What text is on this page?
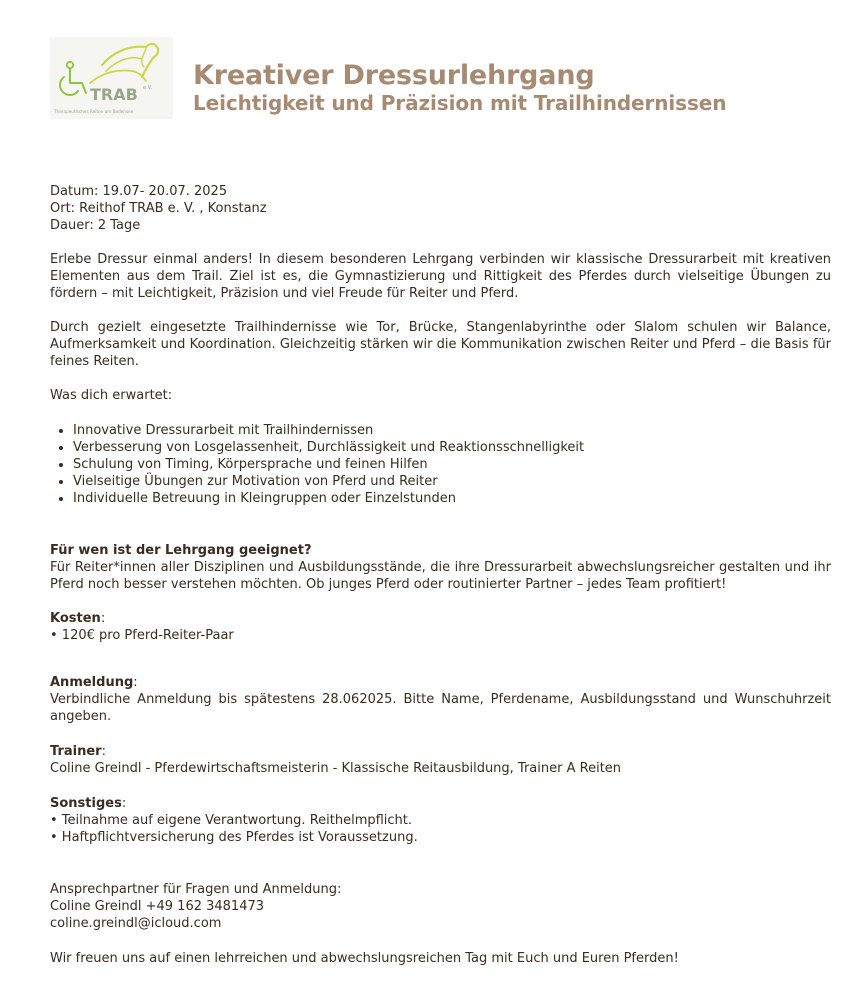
TRAB e.V.
Therapeutisches Reiten am Bodensee
Kreativer Dressurlehrgang
Leichtigkeit und Präzision mit Trailhindernissen

Datum: 19.07- 20.07. 2025
Ort: Reithof TRAB e. V. , Konstanz
Dauer: 2 Tage

Erlebe Dressur einmal anders! In diesem besonderen Lehrgang verbinden wir klassische Dressurarbeit mit kreativen Elementen aus dem Trail. Ziel ist es, die Gymnastizierung und Rittigkeit des Pferdes durch vielseitige Übungen zu fördern – mit Leichtigkeit, Präzision und viel Freude für Reiter und Pferd.

Durch gezielt eingesetzte Trailhindernisse wie Tor, Brücke, Stangenlabyrinthe oder Slalom schulen wir Balance, Aufmerksamkeit und Koordination. Gleichzeitig stärken wir die Kommunikation zwischen Reiter und Pferd – die Basis für feines Reiten.

Was dich erwartet:

• Innovative Dressurarbeit mit Trailhindernissen
• Verbesserung von Losgelassenheit, Durchlässigkeit und Reaktionsschnelligkeit
• Schulung von Timing, Körpersprache und feinen Hilfen
• Vielseitige Übungen zur Motivation von Pferd und Reiter
• Individuelle Betreuung in Kleingruppen oder Einzelstunden

Für wen ist der Lehrgang geeignet?
Für Reiter*innen aller Disziplinen und Ausbildungsstände, die ihre Dressurarbeit abwechslungsreicher gestalten und ihr Pferd noch besser verstehen möchten. Ob junges Pferd oder routinierter Partner – jedes Team profitiert!

Kosten:
• 120€ pro Pferd-Reiter-Paar

Anmeldung:
Verbindliche Anmeldung bis spätestens 28.062025. Bitte Name, Pferdename, Ausbildungsstand und Wunschuhrzeit angeben.

Trainer:
Coline Greindl - Pferdewirtschaftsmeisterin - Klassische Reitausbildung, Trainer A Reiten

Sonstiges:
• Teilnahme auf eigene Verantwortung. Reithelmpflicht.
• Haftpflichtversicherung des Pferdes ist Voraussetzung.

Ansprechpartner für Fragen und Anmeldung:
Coline Greindl +49 162 3481473
coline.greindl@icloud.com

Wir freuen uns auf einen lehrreichen und abwechslungsreichen Tag mit Euch und Euren Pferden!
